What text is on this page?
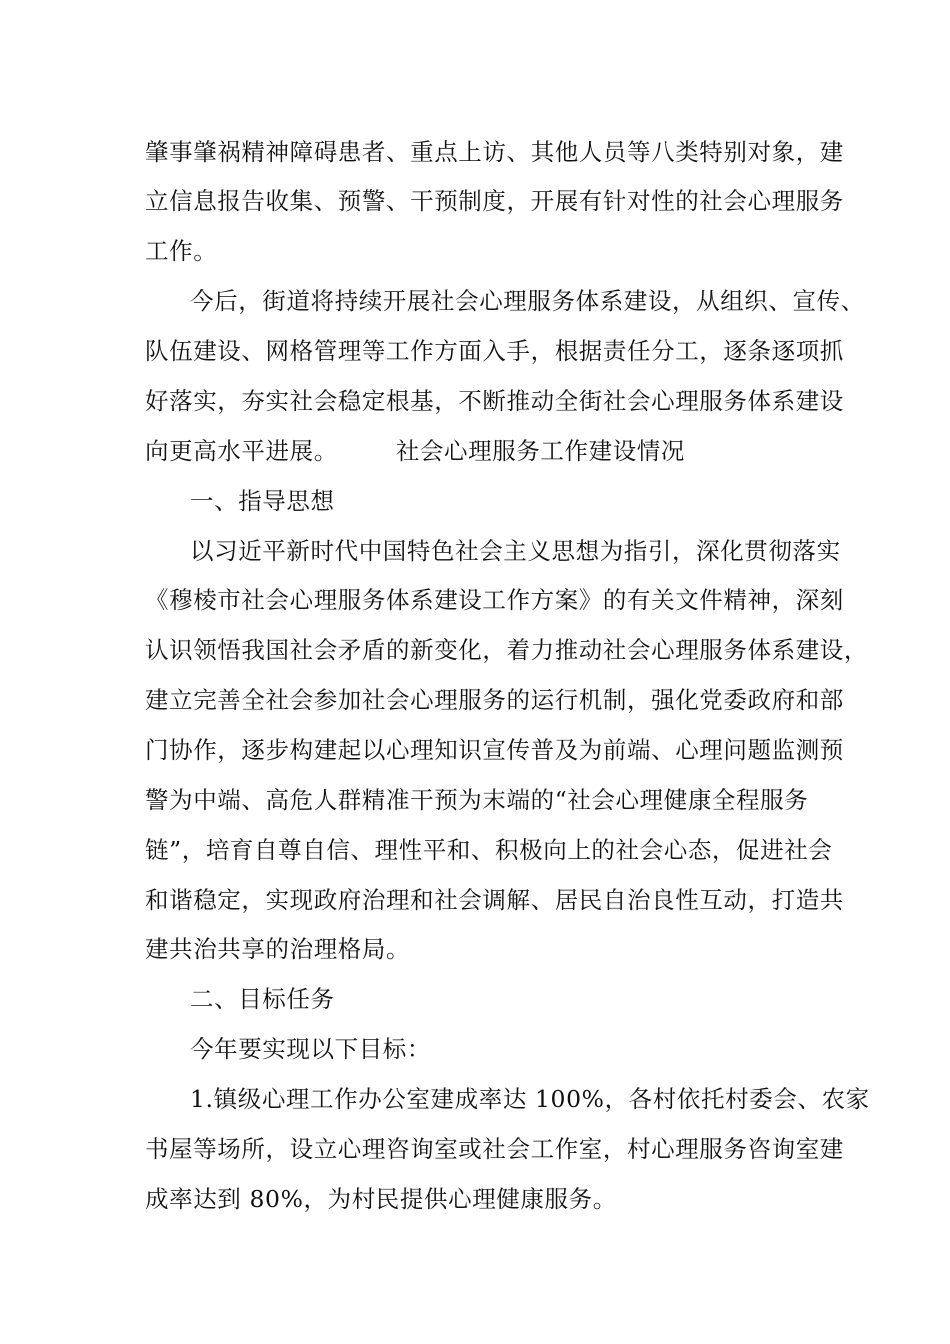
肇事肇祸精神障碍患者、重点上访、其他人员等八类特别对象，建
立信息报告收集、预警、干预制度，开展有针对性的社会心理服务
工作。
今后，街道将持续开展社会心理服务体系建设，从组织、宣传、
队伍建设、网格管理等工作方面入手，根据责任分工，逐条逐项抓
好落实，夯实社会稳定根基，不断推动全街社会心理服务体系建设
向更高水平进展。 社会心理服务工作建设情况
一、指导思想
以习近平新时代中国特色社会主义思想为指引，深化贯彻落实
《穆棱市社会心理服务体系建设工作方案》的有关文件精神，深刻
认识领悟我国社会矛盾的新变化，着力推动社会心理服务体系建设，
建立完善全社会参加社会心理服务的运行机制，强化党委政府和部
门协作，逐步构建起以心理知识宣传普及为前端、心理问题监测预
警为中端、高危人群精准干预为末端的“社会心理健康全程服务
链”，培育自尊自信、理性平和、积极向上的社会心态，促进社会
和谐稳定，实现政府治理和社会调解、居民自治良性互动，打造共
建共治共享的治理格局。
二、目标任务
今年要实现以下目标：
1.镇级心理工作办公室建成率达 100%，各村依托村委会、农家
书屋等场所，设立心理咨询室或社会工作室，村心理服务咨询室建
成率达到 80%，为村民提供心理健康服务。
